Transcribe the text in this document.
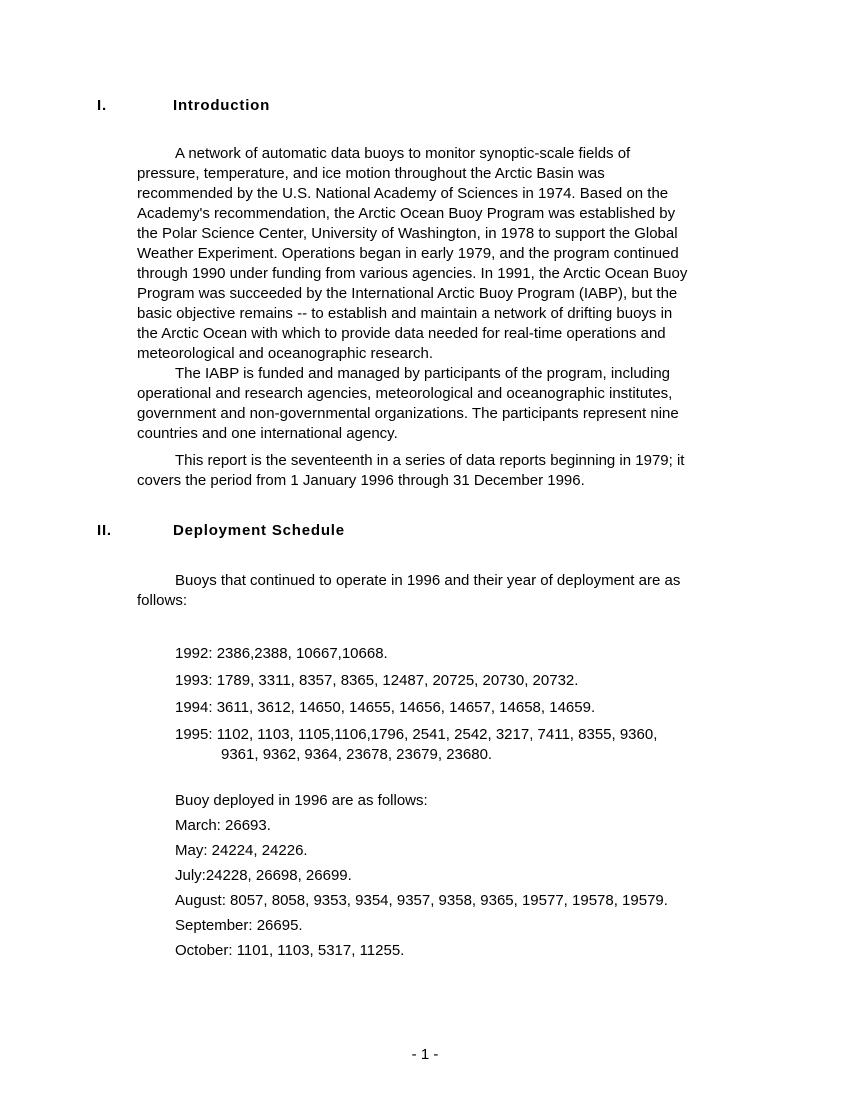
I.	Introduction
A network of automatic data buoys to monitor synoptic-scale fields of
pressure, temperature, and ice motion throughout the Arctic Basin was
recommended by the U.S. National Academy of Sciences in 1974. Based on the
Academy's recommendation, the Arctic Ocean Buoy Program was established by
the Polar Science Center, University of Washington, in 1978 to support the Global
Weather Experiment. Operations began in early 1979, and the program continued
through 1990 under funding from various agencies. In 1991, the Arctic Ocean Buoy
Program was succeeded by the International Arctic Buoy Program (IABP), but the
basic objective remains -- to establish and maintain a network of drifting buoys in
the Arctic Ocean with which to provide data needed for real-time operations and
meteorological and oceanographic research.
The IABP is funded and managed by participants of the program, including
operational and research agencies, meteorological and oceanographic institutes,
government and non-governmental organizations. The participants represent nine
countries and one international agency.
This report is the seventeenth in a series of data reports beginning in 1979; it
covers the period from 1 January 1996 through 31 December 1996.
II.	Deployment Schedule
Buoys that continued to operate in 1996 and their year of deployment are as
follows:
1992: 2386,2388, 10667,10668.
1993: 1789, 3311, 8357, 8365, 12487, 20725, 20730, 20732.
1994: 3611, 3612, 14650, 14655, 14656, 14657, 14658, 14659.
1995: 1102, 1103, 1105,1106,1796, 2541, 2542, 3217, 7411, 8355, 9360,
9361, 9362, 9364, 23678, 23679, 23680.
Buoy deployed in 1996 are as follows:
March: 26693.
May: 24224, 24226.
July:24228, 26698, 26699.
August: 8057, 8058, 9353, 9354, 9357, 9358, 9365, 19577, 19578, 19579.
September: 26695.
October: 1101, 1103, 5317, 11255.
- 1 -
